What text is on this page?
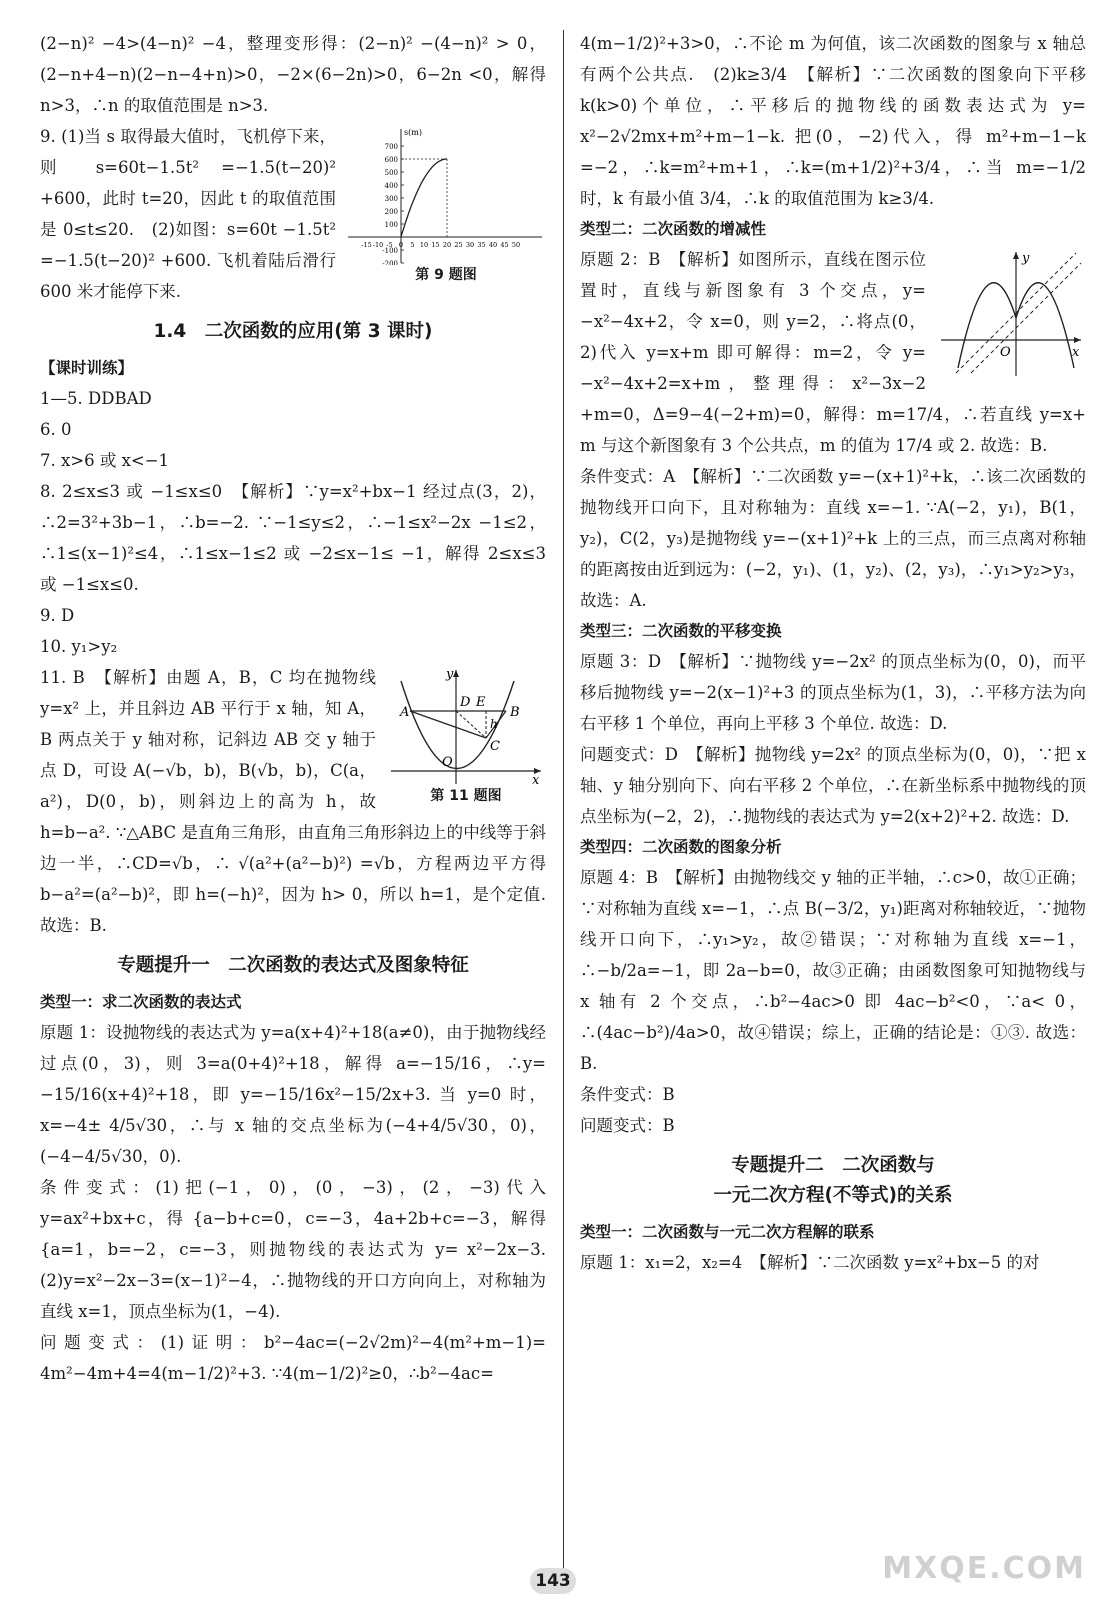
(2−n)² −4>(4−n)² −4，整理变形得：(2−n)² −(4−n)² > 0，(2−n+4−n)(2−n−4+n)>0，−2×(6−2n)>0，6−2n <0，解得 n>3，∴n 的取值范围是 n>3.

s(m)
700
600
500
400
300
200
100
-100
-200
-15 -10 -5 0 5 10 15 20 25 30 35 40 45 50
第 9 题图

9. (1)当 s 取得最大值时，飞机停下来，则 s=60t−1.5t² =−1.5(t−20)² +600，此时 t=20，因此 t 的取值范围是 0≤t≤20.　(2)如图：s=60t −1.5t² =−1.5(t−20)² +600. 飞机着陆后滑行 600 米才能停下来.

1.4　二次函数的应用(第 3 课时)
【课时训练】

1—5. DDBAD

6. 0

7. x>6 或 x<−1

8. 2≤x≤3 或 −1≤x≤0　【解析】∵y=x²+bx−1 经过点(3，2)，∴2=3²+3b−1，∴b=−2. ∵−1≤y≤2，∴−1≤x²−2x −1≤2，∴1≤(x−1)²≤4，∴1≤x−1≤2 或 −2≤x−1≤ −1，解得 2≤x≤3 或 −1≤x≤0.

9. D

10. y₁>y₂

y
D E
A	B
h
C
O
x
第 11 题图

11. B　【解析】由题 A，B，C 均在抛物线 y=x² 上，并且斜边 AB 平行于 x 轴，知 A，B 两点关于 y 轴对称，记斜边 AB 交 y 轴于点 D，可设 A(−√b，b)，B(√b，b)，C(a，a²)，D(0，b)，则斜边上的高为 h，故 h=b−a². ∵△ABC 是直角三角形，由直角三角形斜边上的中线等于斜边一半，∴CD=√b，∴ √(a²+(a²−b)²) =√b，方程两边平方得 b−a²=(a²−b)²，即 h=(−h)²，因为 h> 0，所以 h=1，是个定值. 故选：B.

专题提升一　二次函数的表达式及图象特征
类型一：求二次函数的表达式

原题 1：设抛物线的表达式为 y=a(x+4)²+18(a≠0)，由于抛物线经过点(0，3)，则 3=a(0+4)²+18，解得 a=−15/16，∴y= −15/16(x+4)²+18，即 y=−15/16x²−15/2x+3. 当 y=0 时，x=−4± 4/5√30，∴与 x 轴的交点坐标为(−4+4/5√30，0)，(−4−4/5√30，0).

条件变式：(1)把(−1，0)，(0，−3)，(2，−3)代入 y=ax²+bx+c，得 {a−b+c=0，c=−3，4a+2b+c=−3，解得 {a=1，b=−2，c=−3，则抛物线的表达式为 y= x²−2x−3.　(2)y=x²−2x−3=(x−1)²−4，∴抛物线的开口方向向上，对称轴为直线 x=1，顶点坐标为(1，−4).

问题变式：(1)证明：b²−4ac=(−2√2m)²−4(m²+m−1)= 4m²−4m+4=4(m−1/2)²+3. ∵4(m−1/2)²≥0，∴b²−4ac=

4(m−1/2)²+3>0，∴不论 m 为何值，该二次函数的图象与 x 轴总有两个公共点.　(2)k≥3/4　【解析】∵二次函数的图象向下平移 k(k>0)个单位，∴平移后的抛物线的函数表达式为 y= x²−2√2mx+m²+m−1−k. 把(0，−2)代入，得 m²+m−1−k =−2，∴k=m²+m+1，∴k=(m+1/2)²+3/4，∴当 m=−1/2 时，k 有最小值 3/4，∴k 的取值范围为 k≥3/4.

类型二：二次函数的增减性
y
O	x

原题 2：B　【解析】如图所示，直线在图示位置时，直线与新图象有 3 个交点，y= −x²−4x+2，令 x=0，则 y=2，∴将点(0，2)代入 y=x+m 即可解得：m=2，令 y= −x²−4x+2=x+m，整理得：x²−3x−2 +m=0，Δ=9−4(−2+m)=0，解得：m=17/4，∴若直线 y=x+ m 与这个新图象有 3 个公共点，m 的值为 17/4 或 2. 故选：B.

条件变式：A　【解析】∵二次函数 y=−(x+1)²+k，∴该二次函数的抛物线开口向下，且对称轴为：直线 x=−1. ∵A(−2，y₁)，B(1，y₂)，C(2，y₃)是抛物线 y=−(x+1)²+k 上的三点，而三点离对称轴的距离按由近到远为：(−2，y₁)、(1，y₂)、(2，y₃)，∴y₁>y₂>y₃，故选：A.

类型三：二次函数的平移变换

原题 3：D　【解析】∵抛物线 y=−2x² 的顶点坐标为(0，0)，而平移后抛物线 y=−2(x−1)²+3 的顶点坐标为(1，3)，∴平移方法为向右平移 1 个单位，再向上平移 3 个单位. 故选：D.

问题变式：D　【解析】抛物线 y=2x² 的顶点坐标为(0，0)，∵把 x 轴、y 轴分别向下、向右平移 2 个单位，∴在新坐标系中抛物线的顶点坐标为(−2，2)，∴抛物线的表达式为 y=2(x+2)²+2. 故选：D.

类型四：二次函数的图象分析

原题 4：B　【解析】由抛物线交 y 轴的正半轴，∴c>0，故①正确；∵对称轴为直线 x=−1，∴点 B(−3/2，y₁)距离对称轴较近，∵抛物线开口向下，∴y₁>y₂，故②错误；∵对称轴为直线 x=−1，∴−b/2a=−1，即 2a−b=0，故③正确；由函数图象可知抛物线与 x 轴有 2 个交点，∴b²−4ac>0 即 4ac−b²<0，∵a< 0，∴(4ac−b²)/4a>0，故④错误；综上，正确的结论是：①③. 故选：B.

条件变式：B

问题变式：B

专题提升二　二次函数与
一元二次方程(不等式)的关系
类型一：二次函数与一元二次方程解的联系

原题 1：x₁=2，x₂=4　【解析】∵二次函数 y=x²+bx−5 的对

143	MXQE.COM
